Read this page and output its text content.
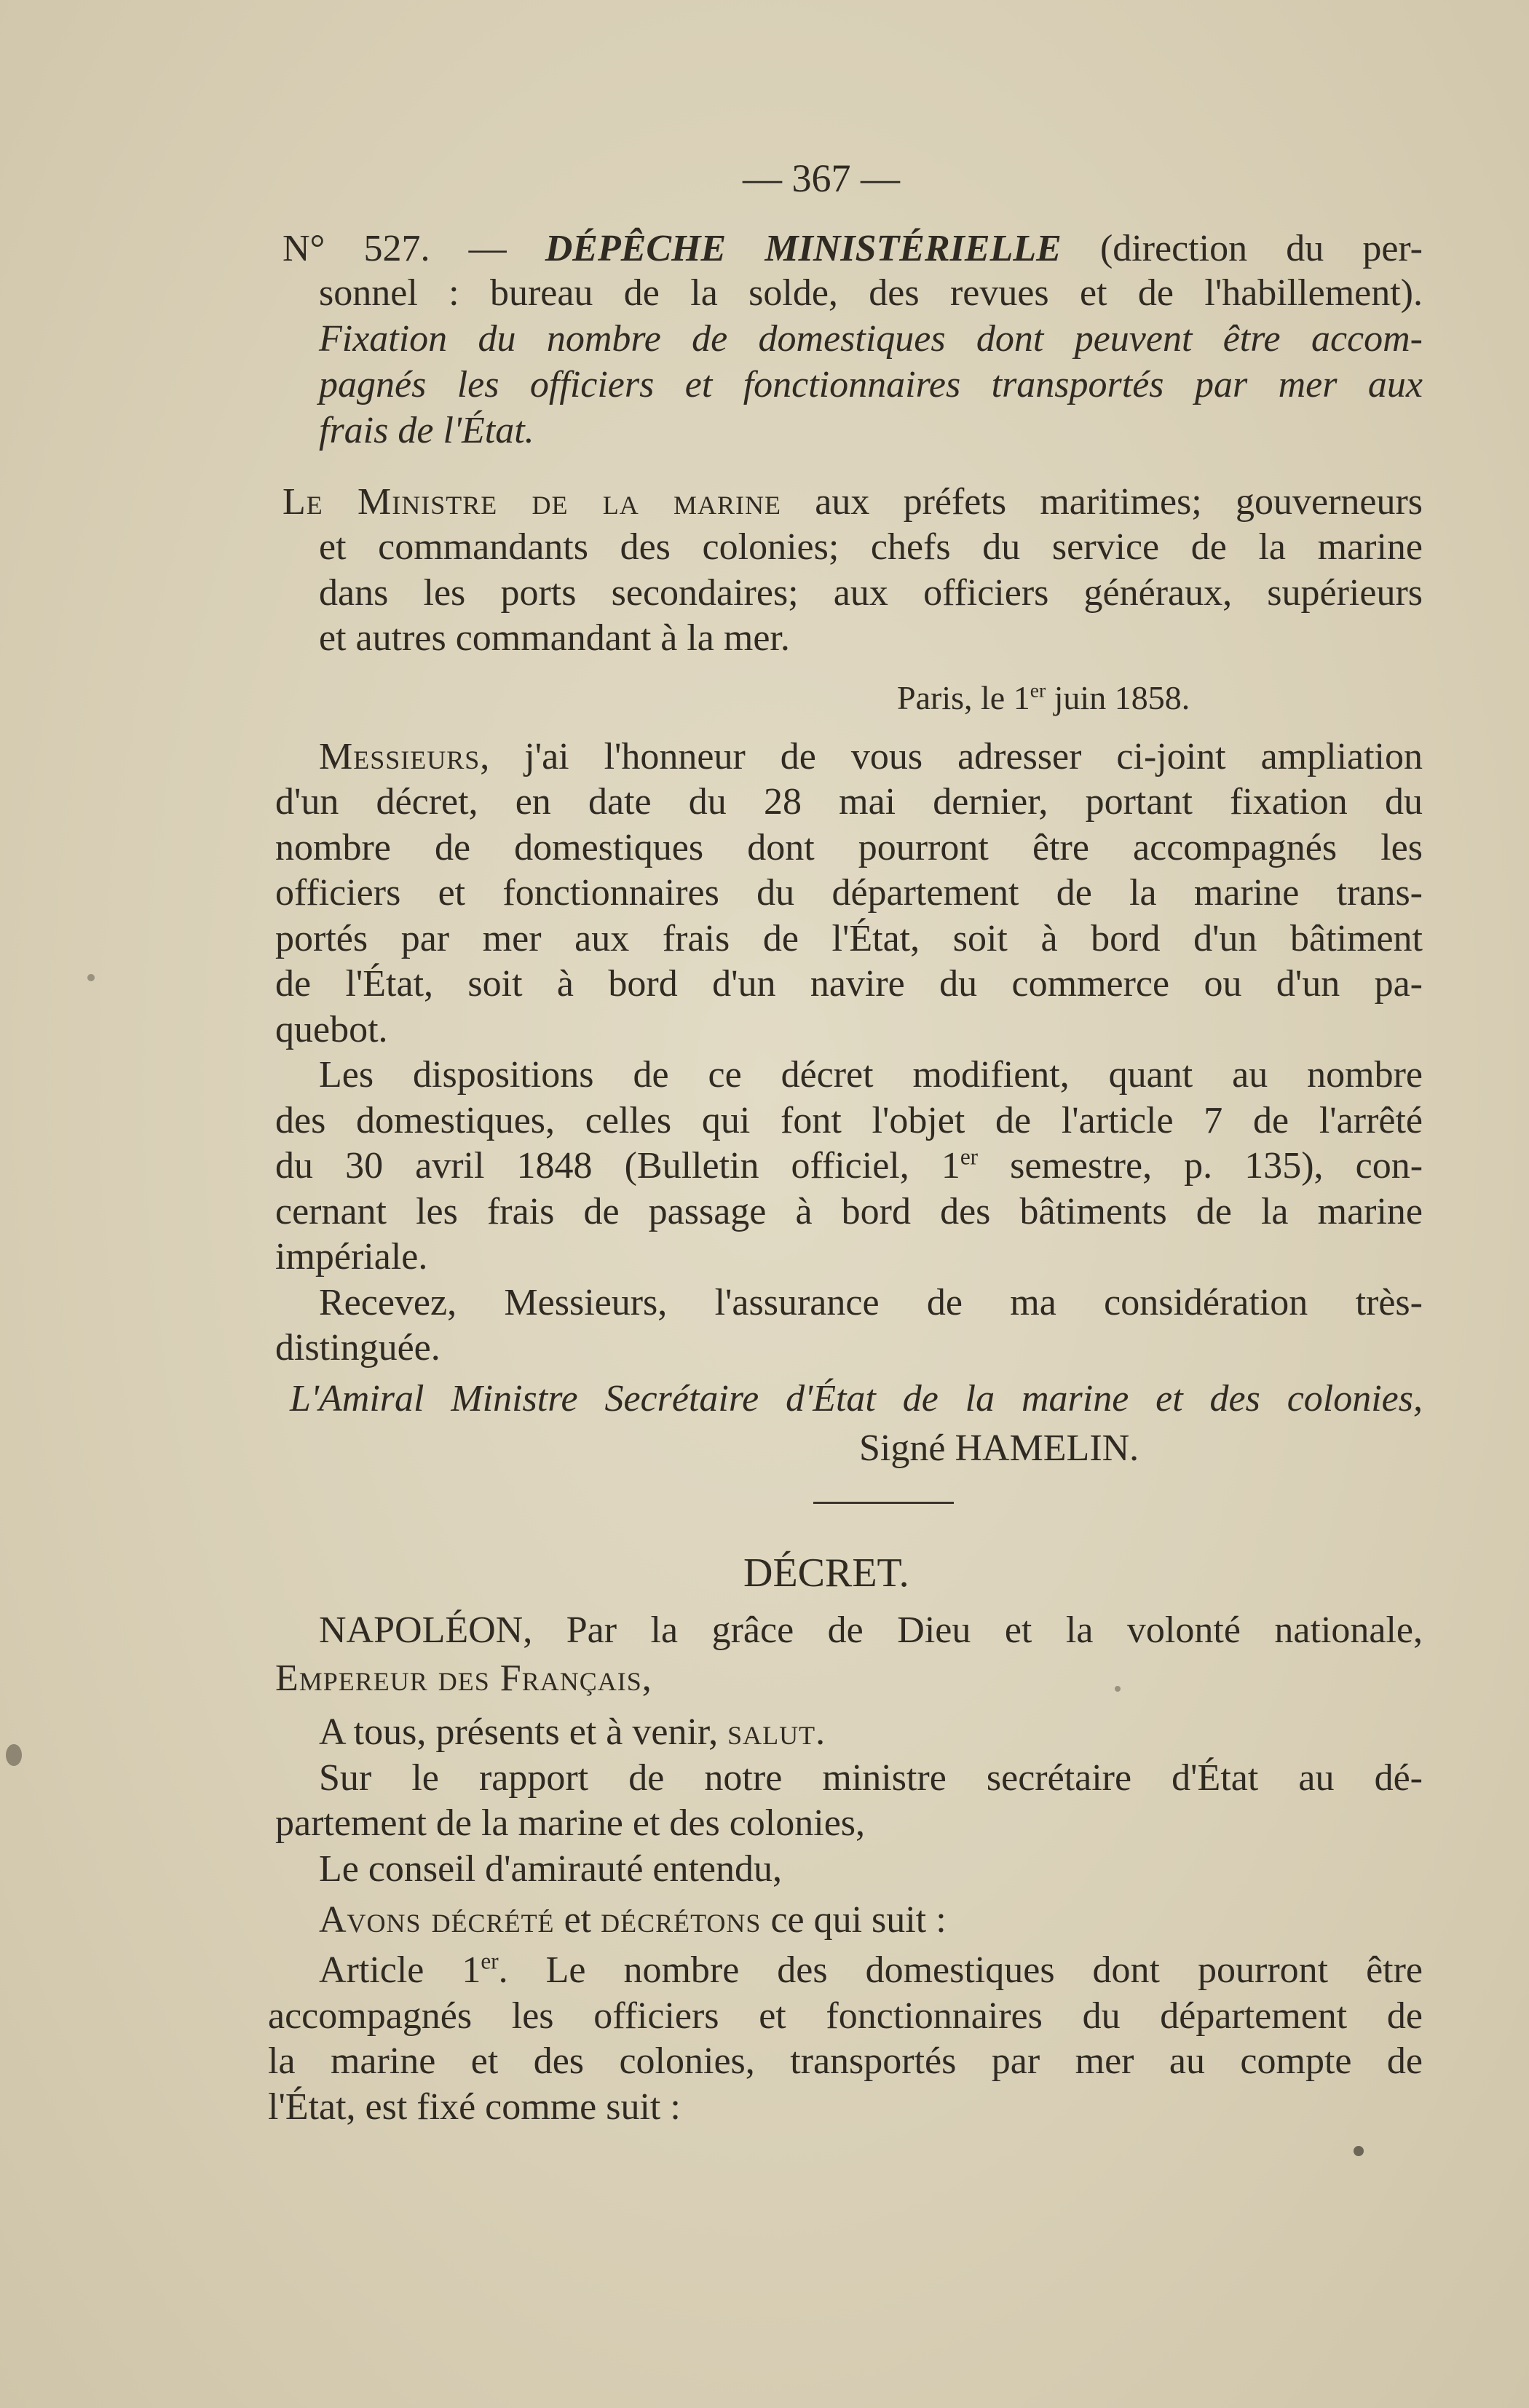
— 367 —
N° 527. — DÉPÊCHE MINISTÉRIELLE (direction du per-
sonnel : bureau de la solde, des revues et de l'habillement).
Fixation du nombre de domestiques dont peuvent être accom-
pagnés les officiers et fonctionnaires transportés par mer aux
frais de l'État.
Le Ministre de la marine aux préfets maritimes; gouverneurs
et commandants des colonies; chefs du service de la marine
dans les ports secondaires; aux officiers généraux, supérieurs
et autres commandant à la mer.
Paris, le 1er juin 1858.
Messieurs, j'ai l'honneur de vous adresser ci-joint ampliation
d'un décret, en date du 28 mai dernier, portant fixation du
nombre de domestiques dont pourront être accompagnés les
officiers et fonctionnaires du département de la marine trans-
portés par mer aux frais de l'État, soit à bord d'un bâtiment
de l'État, soit à bord d'un navire du commerce ou d'un pa-
quebot.
Les dispositions de ce décret modifient, quant au nombre
des domestiques, celles qui font l'objet de l'article 7 de l'arrêté
du 30 avril 1848 (Bulletin officiel, 1er semestre, p. 135), con-
cernant les frais de passage à bord des bâtiments de la marine
impériale.
Recevez, Messieurs, l'assurance de ma considération très-
distinguée.
L'Amiral Ministre Secrétaire d'État de la marine et des colonies,
Signé HAMELIN.
DÉCRET.
NAPOLÉON, Par la grâce de Dieu et la volonté nationale,
Empereur des Français,
A tous, présents et à venir, salut.
Sur le rapport de notre ministre secrétaire d'État au dé-
partement de la marine et des colonies,
Le conseil d'amirauté entendu,
Avons décrété et décrétons ce qui suit :
Article 1er. Le nombre des domestiques dont pourront être
accompagnés les officiers et fonctionnaires du département de
la marine et des colonies, transportés par mer au compte de
l'État, est fixé comme suit :
